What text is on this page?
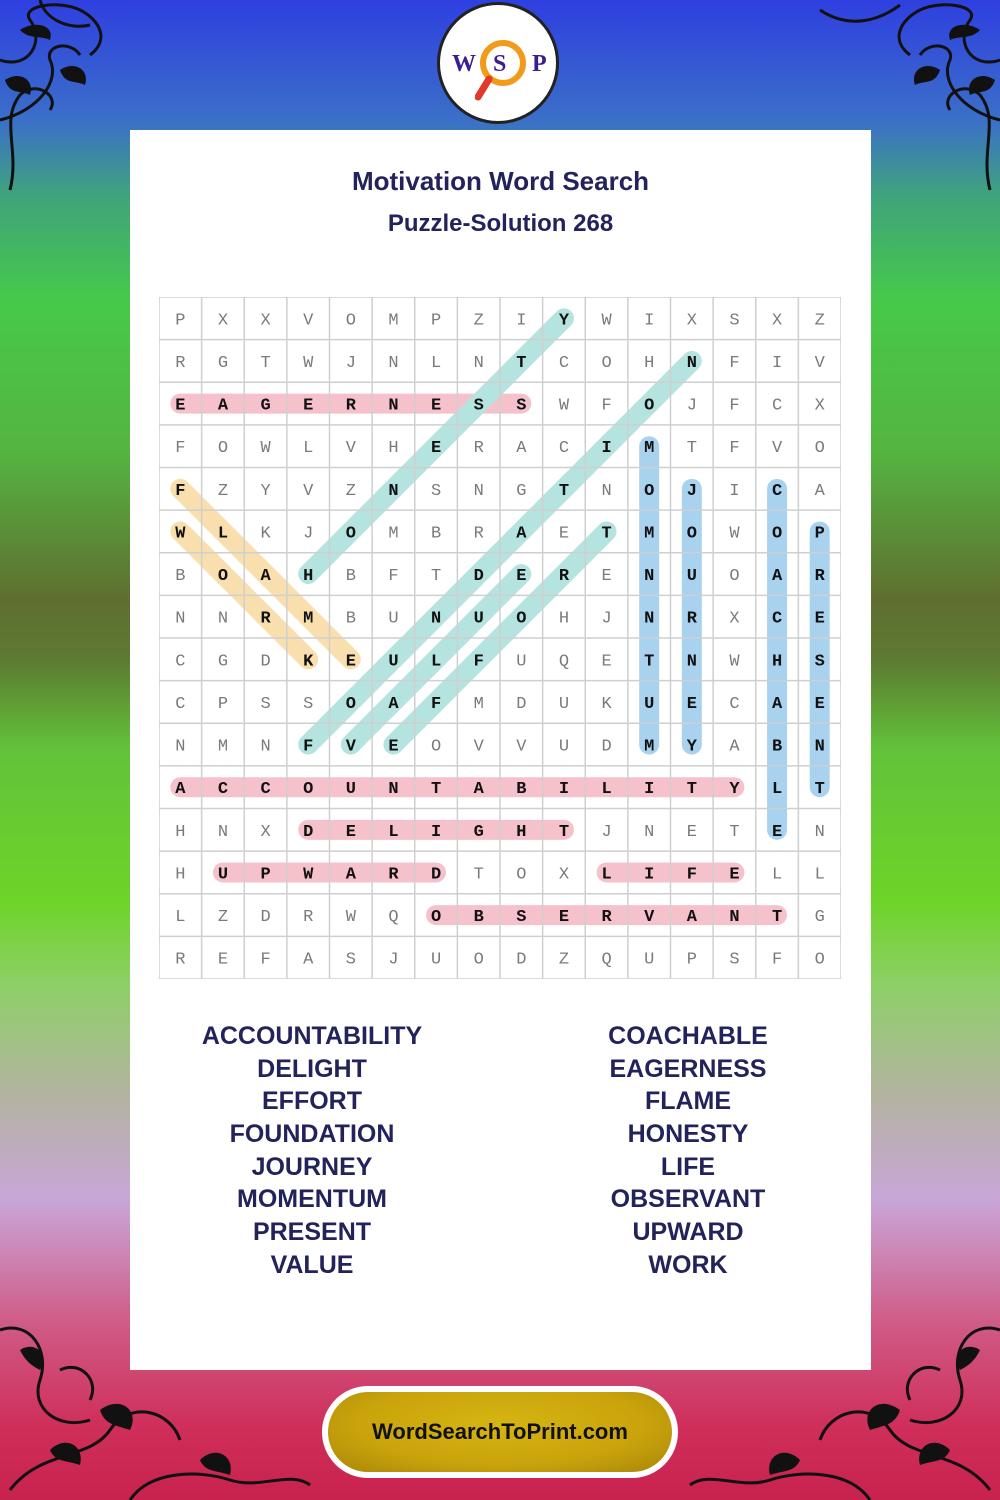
W S P
Motivation Word Search
Puzzle-Solution 268
P X X V O M P Z I Y W I X S X Z
R G T W J N L N T C O H N F I V
E A G E R N E S S W F O J F C X
F O W L V H E R A C I M T F V O
F Z Y V Z N S N G T N O J I C A
W L K J O M B R A E T M O W O P
B O A H B F T D E R E N U O A R
N N R M B U N U O H J N R X C E
C G D K E U L F U Q E T N W H S
C P S S O A F M D U K U E C A E
N M N F V E O V V U D M Y A B N
A C C O U N T A B I L I T Y L T
H N X D E L I G H T J N E T E N
H U P W A R D T O X L I F E L L
L Z D R W Q O B S E R V A N T G
R E F A S J U O D Z Q U P S F O
ACCOUNTABILITY
DELIGHT
EFFORT
FOUNDATION
JOURNEY
MOMENTUM
PRESENT
VALUE
COACHABLE
EAGERNESS
FLAME
HONESTY
LIFE
OBSERVANT
UPWARD
WORK
WordSearchToPrint.com
